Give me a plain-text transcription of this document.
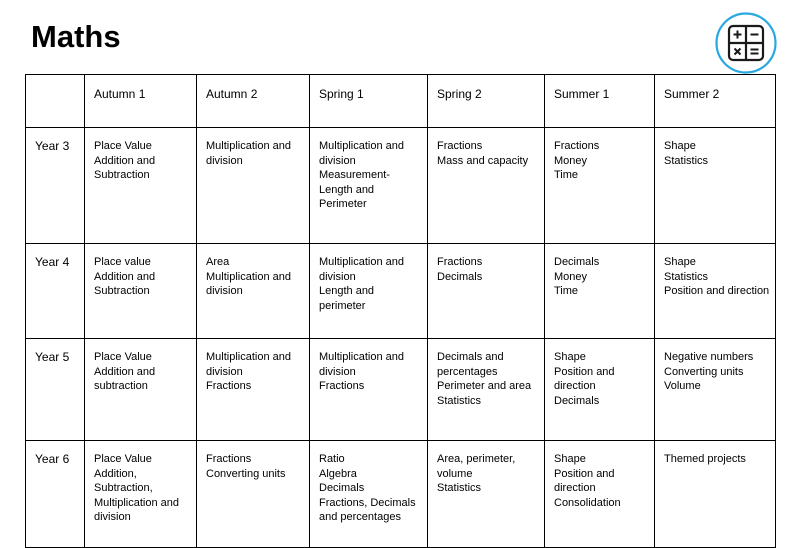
Maths
	Autumn 1	Autumn 2	Spring 1	Spring 2	Summer 1	Summer 2
Year 3	Place Value
Addition and
Subtraction	Multiplication and
division	Multiplication and
division
Measurement-
Length and
Perimeter	Fractions
Mass and capacity	Fractions
Money
Time	Shape
Statistics

Year 4	Place value
Addition and
Subtraction	Area
Multiplication and
division	Multiplication and
division
Length and
perimeter	Fractions
Decimals	Decimals
Money
Time	Shape
Statistics
Position and direction

Year 5	Place Value
Addition and
subtraction	Multiplication and
division
Fractions	Multiplication and
division
Fractions	Decimals and
percentages
Perimeter and area
Statistics	Shape
Position and
direction
Decimals	Negative numbers
Converting units
Volume

Year 6	Place Value
Addition,
Subtraction,
Multiplication and
division	Fractions
Converting units	Ratio
Algebra
Decimals
Fractions, Decimals
and percentages	Area, perimeter,
volume
Statistics	Shape
Position and
direction
Consolidation	Themed projects
